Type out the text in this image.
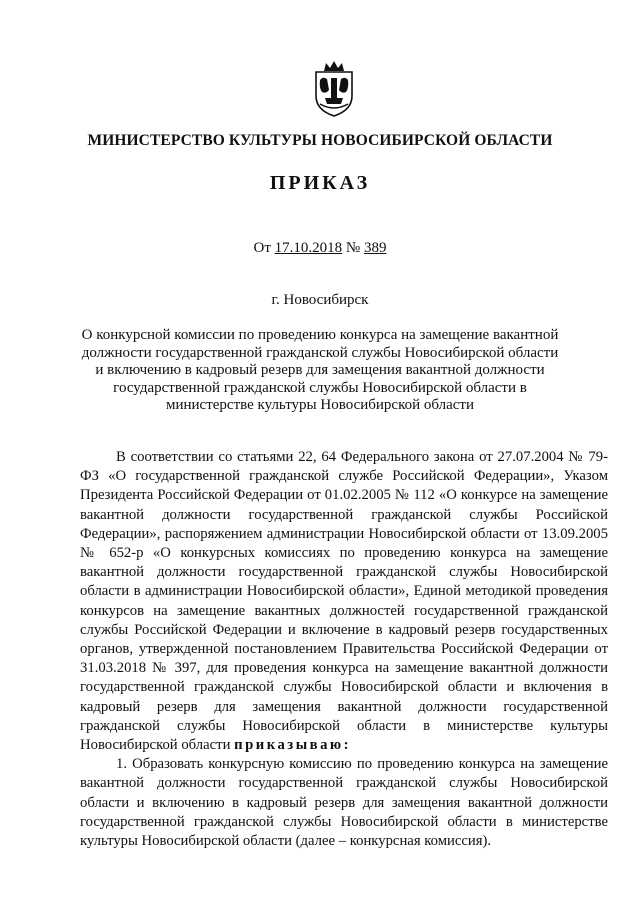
МИНИСТЕРСТВО КУЛЬТУРЫ НОВОСИБИРСКОЙ ОБЛАСТИ
ПРИКАЗ
От 17.10.2018 № 389
г. Новосибирск
О конкурсной комиссии по проведению конкурса на замещение вакантной должности государственной гражданской службы Новосибирской области и включению в кадровый резерв для замещения вакантной должности государственной гражданской службы Новосибирской области в министерстве культуры Новосибирской области

В соответствии со статьями 22, 64 Федерального закона от 27.07.2004 № 79-ФЗ «О государственной гражданской службе Российской Федерации», Указом Президента Российской Федерации от 01.02.2005 № 112 «О конкурсе на замещение вакантной должности государственной гражданской службы Российской Федерации», распоряжением администрации Новосибирской области от 13.09.2005 № 652-р «О конкурсных комиссиях по проведению конкурса на замещение вакантной должности государственной гражданской службы Новосибирской области в администрации Новосибирской области», Единой методикой проведения конкурсов на замещение вакантных должностей государственной гражданской службы Российской Федерации и включение в кадровый резерв государственных органов, утвержденной постановлением Правительства Российской Федерации от 31.03.2018 № 397, для проведения конкурса на замещение вакантной должности государственной гражданской службы Новосибирской области и включения в кадровый резерв для замещения вакантной должности государственной гражданской службы Новосибирской области в министерстве культуры Новосибирской области приказываю:

1. Образовать конкурсную комиссию по проведению конкурса на замещение вакантной должности государственной гражданской службы Новосибирской области и включению в кадровый резерв для замещения вакантной должности государственной гражданской службы Новосибирской области в министерстве культуры Новосибирской области (далее – конкурсная комиссия).
